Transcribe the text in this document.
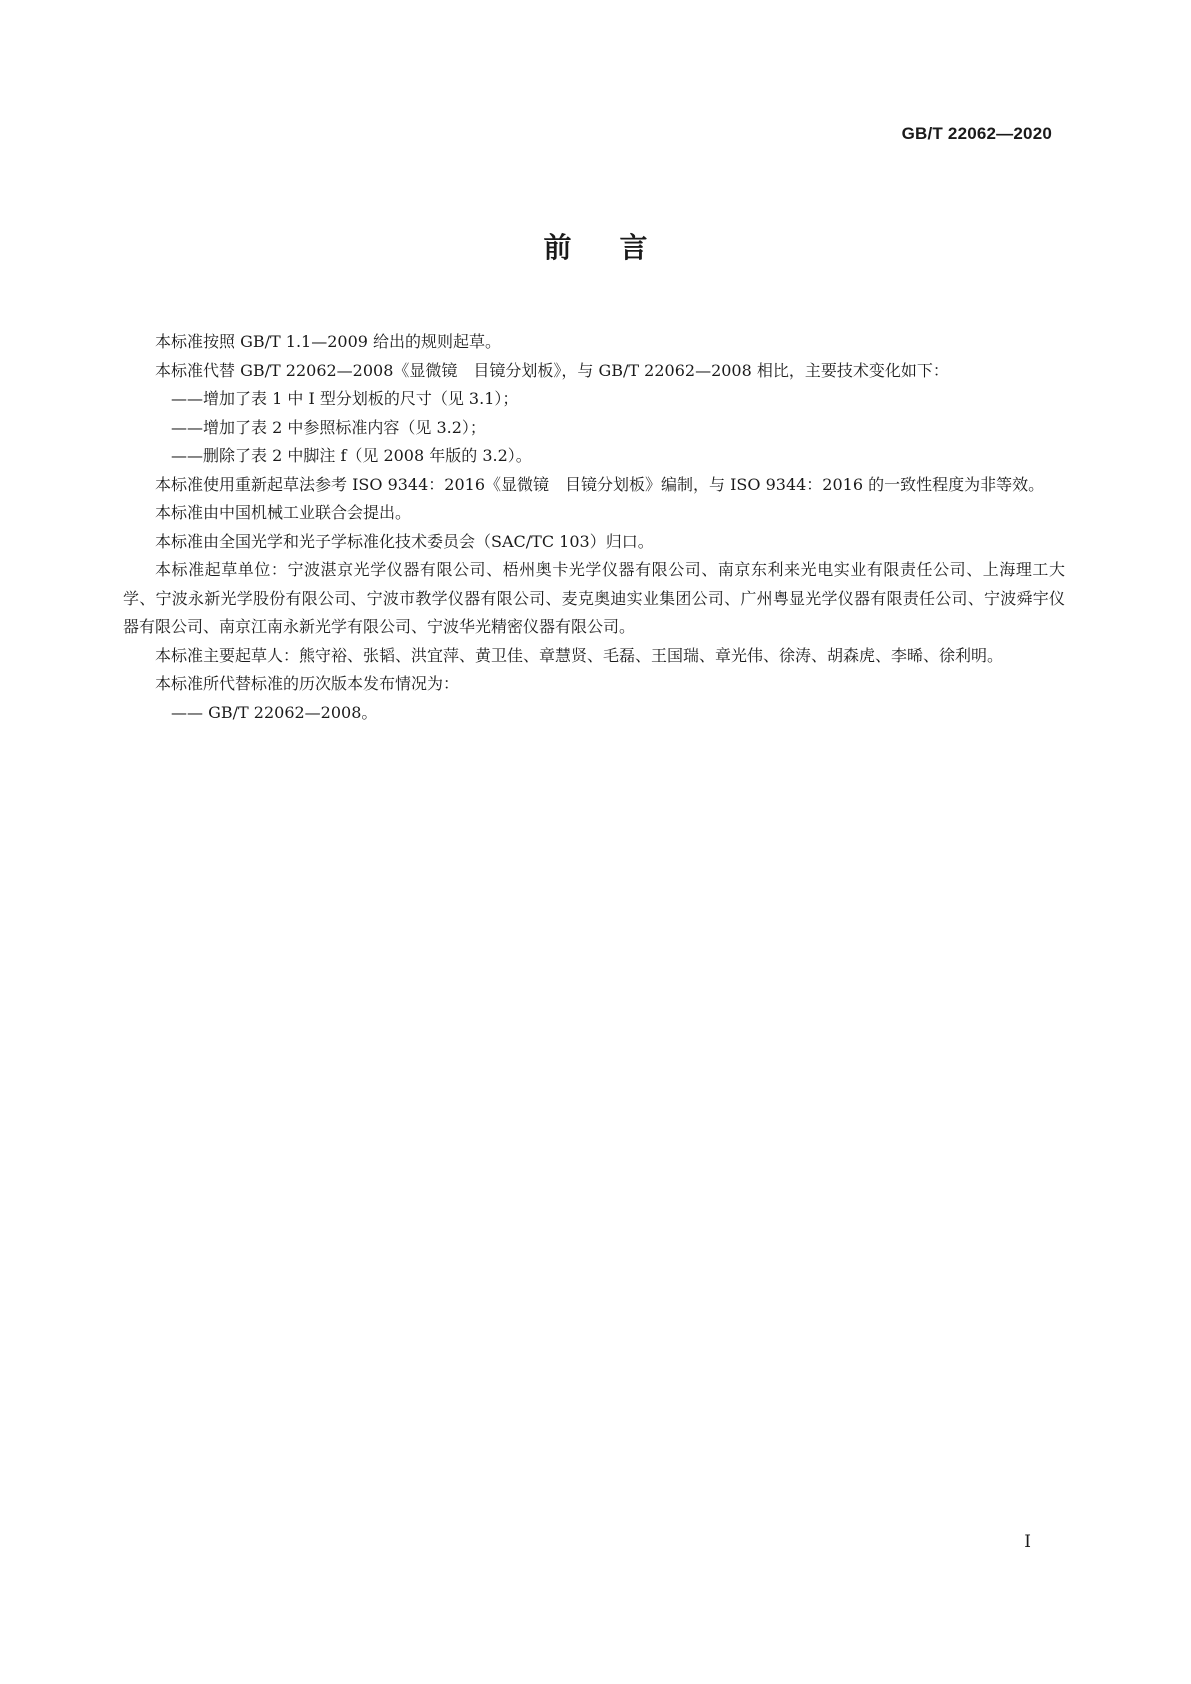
GB/T 22062—2020
前言

本标准按照 GB/T 1.1—2009 给出的规则起草。

本标准代替 GB/T 22062—2008《显微镜　目镜分划板》，与 GB/T 22062—2008 相比，主要技术变化如下：

——增加了表 1 中 Ⅰ 型分划板的尺寸（见 3.1）；

——增加了表 2 中参照标准内容（见 3.2）；

——删除了表 2 中脚注 f（见 2008 年版的 3.2）。

本标准使用重新起草法参考 ISO 9344：2016《显微镜　目镜分划板》编制，与 ISO 9344：2016 的一致性程度为非等效。

本标准由中国机械工业联合会提出。

本标准由全国光学和光子学标准化技术委员会（SAC/TC 103）归口。

本标准起草单位：宁波湛京光学仪器有限公司、梧州奥卡光学仪器有限公司、南京东利来光电实业有限责任公司、上海理工大学、宁波永新光学股份有限公司、宁波市教学仪器有限公司、麦克奥迪实业集团公司、广州粤显光学仪器有限责任公司、宁波舜宇仪器有限公司、南京江南永新光学有限公司、宁波华光精密仪器有限公司。

本标准主要起草人：熊守裕、张韬、洪宜萍、黄卫佳、章慧贤、毛磊、王国瑞、章光伟、徐涛、胡森虎、李晞、徐利明。

本标准所代替标准的历次版本发布情况为：

—— GB/T 22062—2008。

I
